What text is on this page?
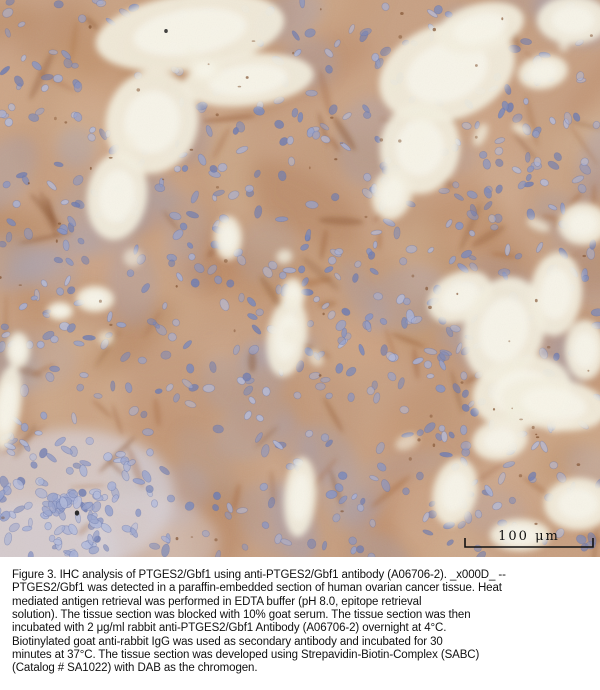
100 μm
Figure 3. IHC analysis of PTGES2/Gbf1 using anti-PTGES2/Gbf1 antibody (A06706-2). _x000D_ --
PTGES2/Gbf1 was detected in a paraffin-embedded section of human ovarian cancer tissue. Heat
mediated antigen retrieval was performed in EDTA buffer (pH 8.0, epitope retrieval
solution). The tissue section was blocked with 10% goat serum. The tissue section was then
incubated with 2 μg/ml rabbit anti-PTGES2/Gbf1 Antibody (A06706-2) overnight at 4°C.
Biotinylated goat anti-rabbit IgG was used as secondary antibody and incubated for 30
minutes at 37°C. The tissue section was developed using Strepavidin-Biotin-Complex (SABC)
(Catalog # SA1022) with DAB as the chromogen.
